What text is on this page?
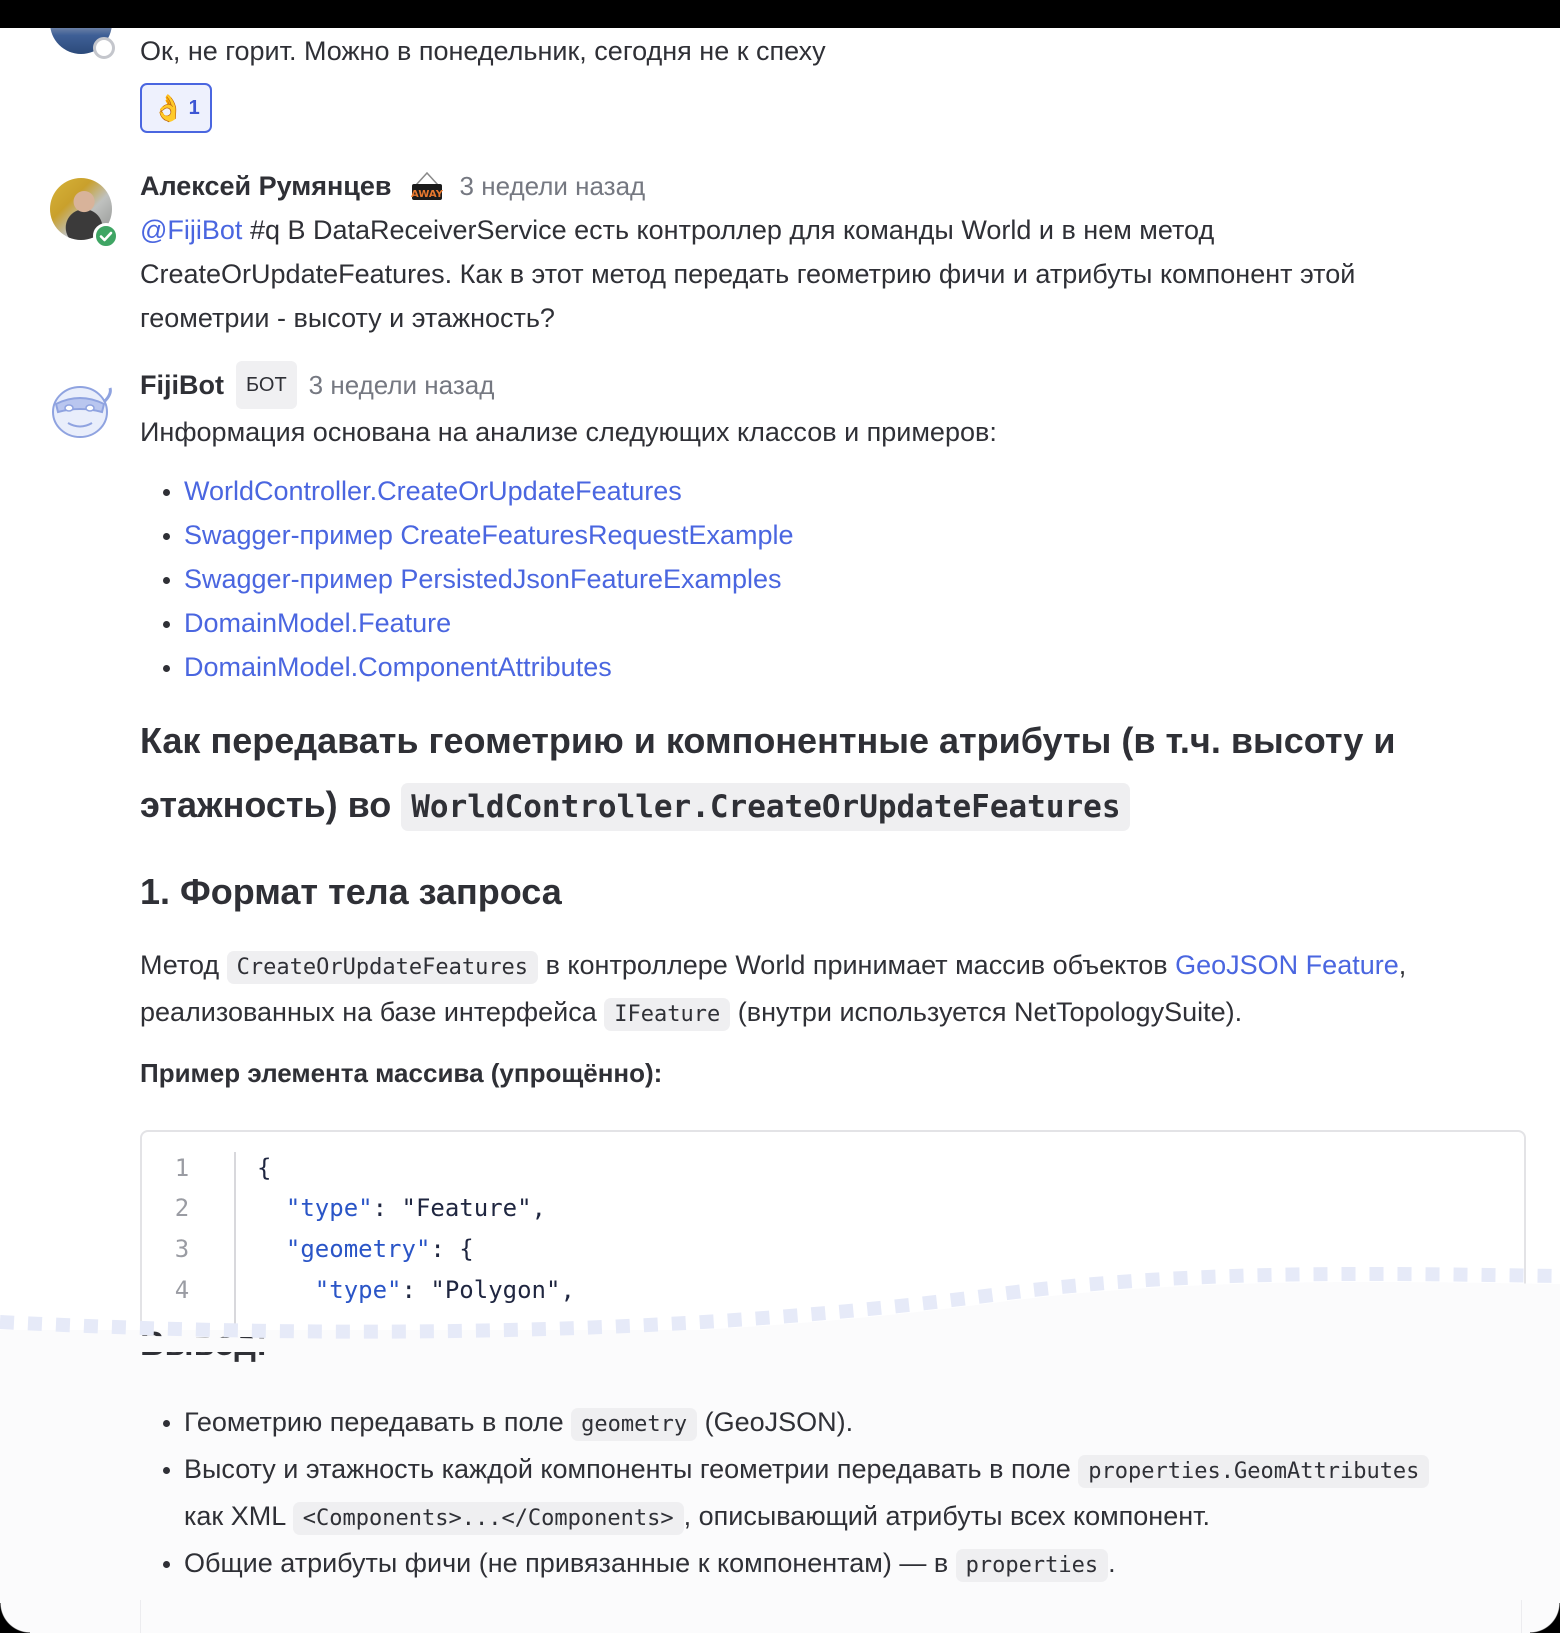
Ок, не горит. Можно в понедельник, сегодня не к спеху
👌 1
Алексей Румянцев AWAY 3 недели назад
@FijiBot #q В DataReceiverService есть контроллер для команды World и в нем метод
CreateOrUpdateFeatures. Как в этот метод передать геометрию фичи и атрибуты компонент этой
геометрии - высоту и этажность?
FijiBot	БОТ 3 недели назад
Информация основана на анализе следующих классов и примеров:
WorldController.CreateOrUpdateFeatures
Swagger-пример CreateFeaturesRequestExample
Swagger-пример PersistedJsonFeatureExamples
DomainModel.Feature
DomainModel.ComponentAttributes
Как передавать геометрию и компонентные атрибуты (в т.ч. высоту и
этажность) во WorldController.CreateOrUpdateFeatures
1. Формат тела запроса
Метод CreateOrUpdateFeatures в контроллере World принимает массив объектов GeoJSON Feature,
реализованных на базе интерфейса IFeature (внутри используется NetTopologySuite).
Пример элемента массива (упрощённо):
1	{
2	"type": "Feature",
3	"geometry": {
4	"type": "Polygon",
Геометрию передавать в поле geometry (GeoJSON).
Высоту и этажность каждой компоненты геометрии передавать в поле properties.GeomAttributes
как XML <Components>...</Components> , описывающий атрибуты всех компонент.
Общие атрибуты фичи (не привязанные к компонентам) — в properties .
